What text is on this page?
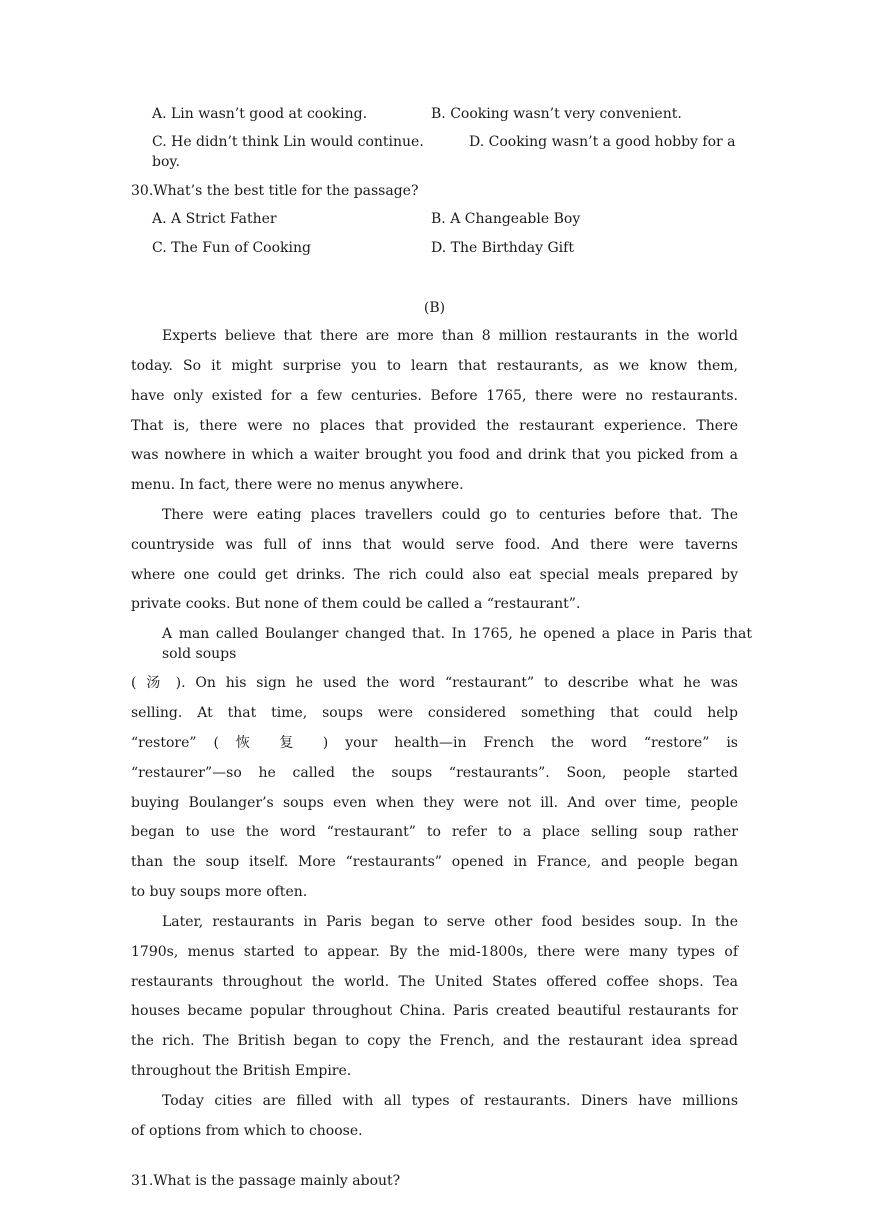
A. Lin wasn’t good at cooking.	B. Cooking wasn’t very convenient.
C. He didn’t think Lin would continue.	D. Cooking wasn’t a good hobby for a
boy.
30.What’s the best title for the passage?
A. A Strict Father	B. A Changeable Boy
C. The Fun of Cooking	D. The Birthday Gift
(B)
Experts believe that there are more than 8 million restaurants in the world
today. So it might surprise you to learn that restaurants, as we know them,
have only existed for a few centuries. Before 1765, there were no restaurants.
That is, there were no places that provided the restaurant experience. There
was nowhere in which a waiter brought you food and drink that you picked from a
menu. In fact, there were no menus anywhere.
There were eating places travellers could go to centuries before that. The
countryside was full of inns that would serve food. And there were taverns
where one could get drinks. The rich could also eat special meals prepared by
private cooks. But none of them could be called a “restaurant”.
A man called Boulanger changed that. In 1765, he opened a place in Paris that
sold soups
( 汤 ). On his sign he used the word “restaurant” to describe what he was
selling. At that time, soups were considered something that could help
“restore” ( 恢 复 ) your health—in French the word “restore” is
“restaurer”—so he called the soups “restaurants”. Soon, people started
buying Boulanger’s soups even when they were not ill. And over time, people
began to use the word “restaurant” to refer to a place selling soup rather
than the soup itself. More “restaurants” opened in France, and people began
to buy soups more often.
Later, restaurants in Paris began to serve other food besides soup. In the
1790s, menus started to appear. By the mid-1800s, there were many types of
restaurants throughout the world. The United States offered coffee shops. Tea
houses became popular throughout China. Paris created beautiful restaurants for
the rich. The British began to copy the French, and the restaurant idea spread
throughout the British Empire.
Today cities are filled with all types of restaurants. Diners have millions
of options from which to choose.
31.What is the passage mainly about?
